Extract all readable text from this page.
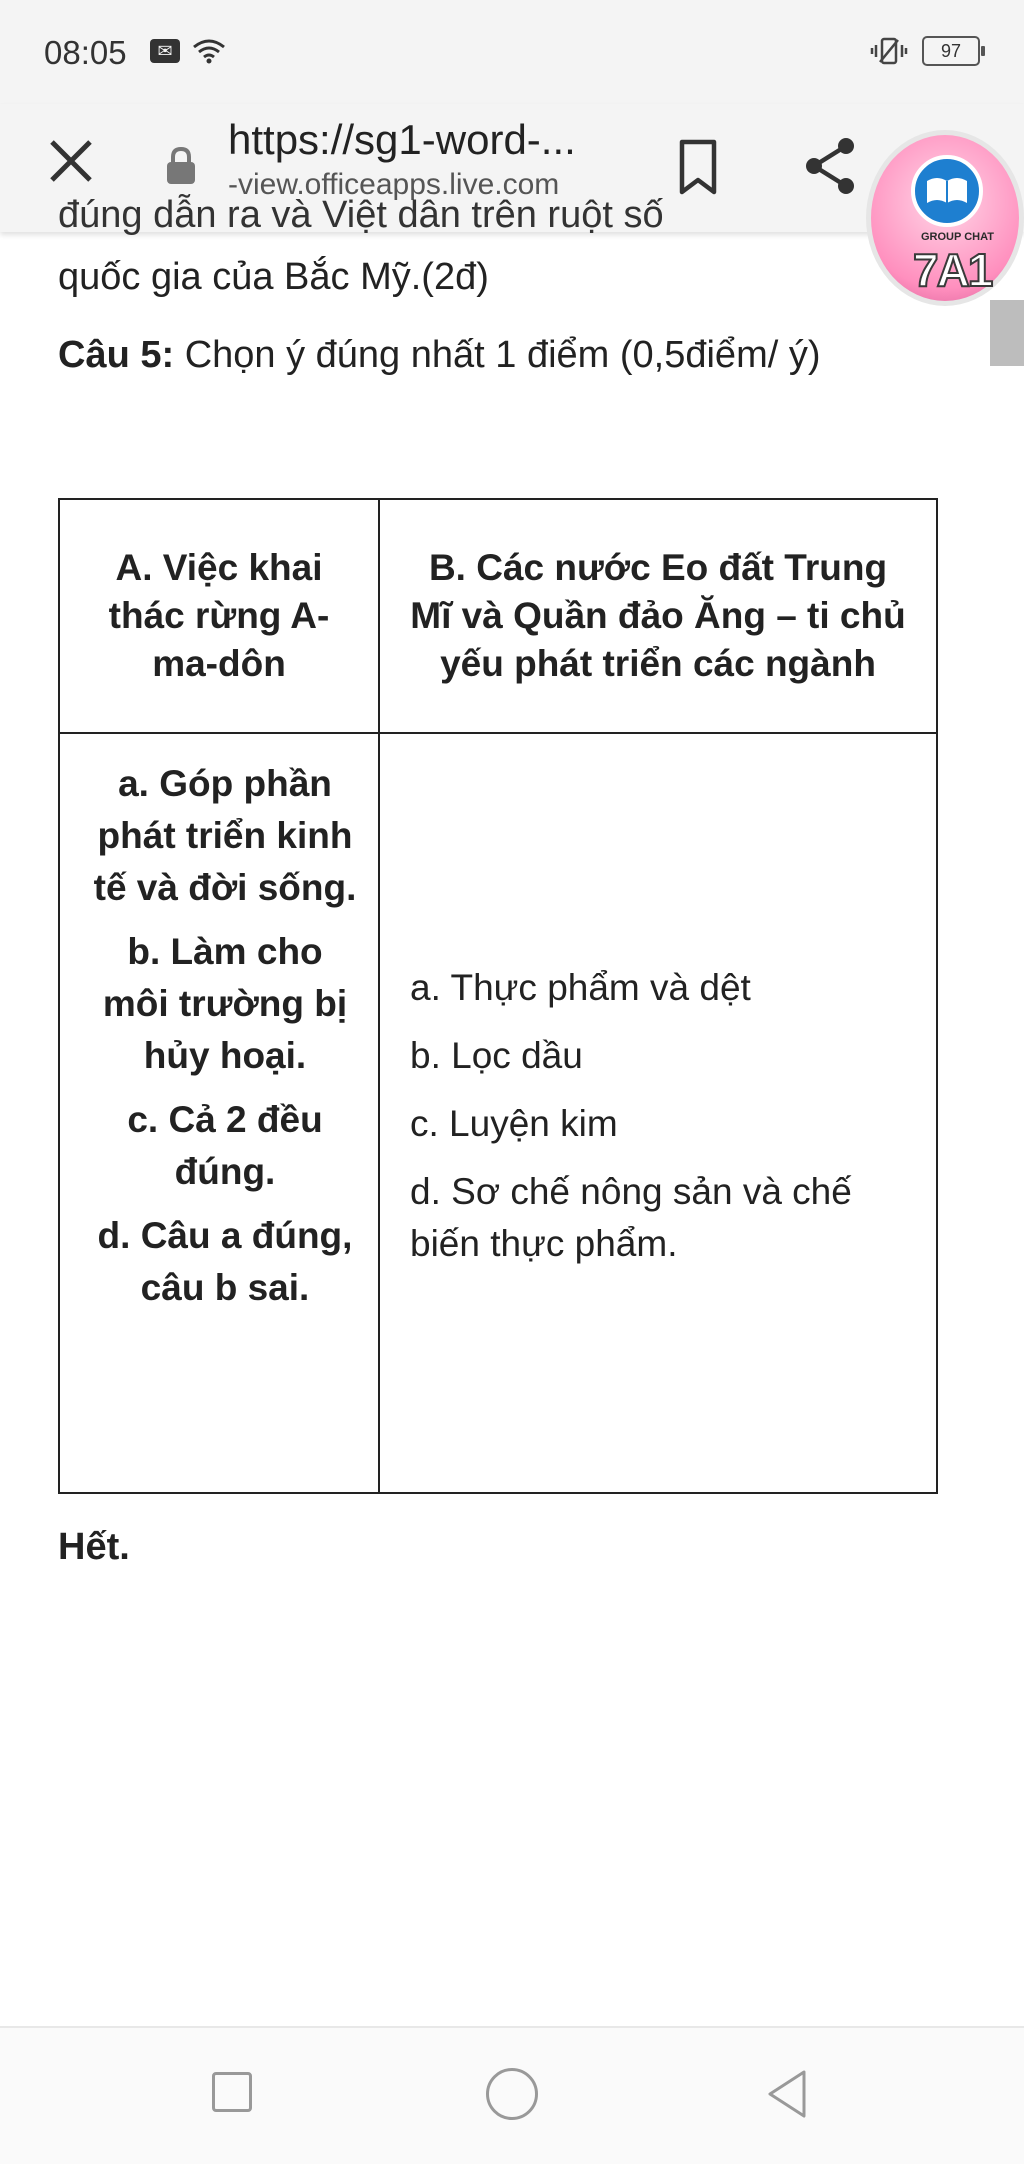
08:05	✉	97
https://sg1-word-...
-view.officeapps.live.com
GROUP CHAT
7A1
đúng dẫn ra và Việt dân trên ruột số
quốc gia của Bắc Mỹ.(2đ)
Câu 5: Chọn ý đúng nhất 1 điểm (0,5điểm/ ý)
A. Việc khai thác rừng A-ma-dôn
B. Các nước Eo đất Trung Mĩ và Quần đảo Ăng – ti chủ yếu phát triển các ngành
a. Góp phần phát triển kinh tế và đời sống.
b. Làm cho môi trường bị hủy hoại.
c. Cả 2 đều đúng.
d. Câu a đúng, câu b sai.
a. Thực phẩm và dệt
b. Lọc dầu
c. Luyện kim
d. Sơ chế nông sản và chế biến thực phẩm.
Hết.
